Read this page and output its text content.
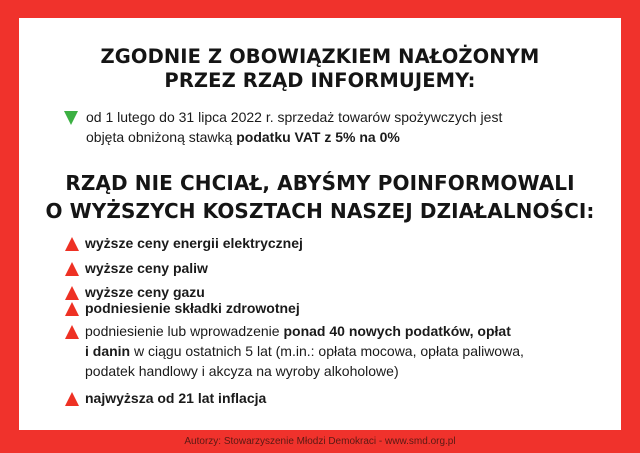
ZGODNIE Z OBOWIĄZKIEM NAŁOŻONYM
PRZEZ RZĄD INFORMUJEMY:
od 1 lutego do 31 lipca 2022 r. sprzedaż towarów spożywczych jest
objęta obniżoną stawką podatku VAT z 5% na 0%
RZĄD NIE CHCIAŁ, ABYŚMY POINFORMOWALI
O WYŻSZYCH KOSZTACH NASZEJ DZIAŁALNOŚCI:
wyższe ceny energii elektrycznej
wyższe ceny paliw
wyższe ceny gazu
podniesienie składki zdrowotnej
podniesienie lub wprowadzenie ponad 40 nowych podatków, opłat
i danin w ciągu ostatnich 5 lat (m.in.: opłata mocowa, opłata paliwowa,
podatek handlowy i akcyza na wyroby alkoholowe)
najwyższa od 21 lat inflacja
Autorzy: Stowarzyszenie Młodzi Demokraci - www.smd.org.pl
